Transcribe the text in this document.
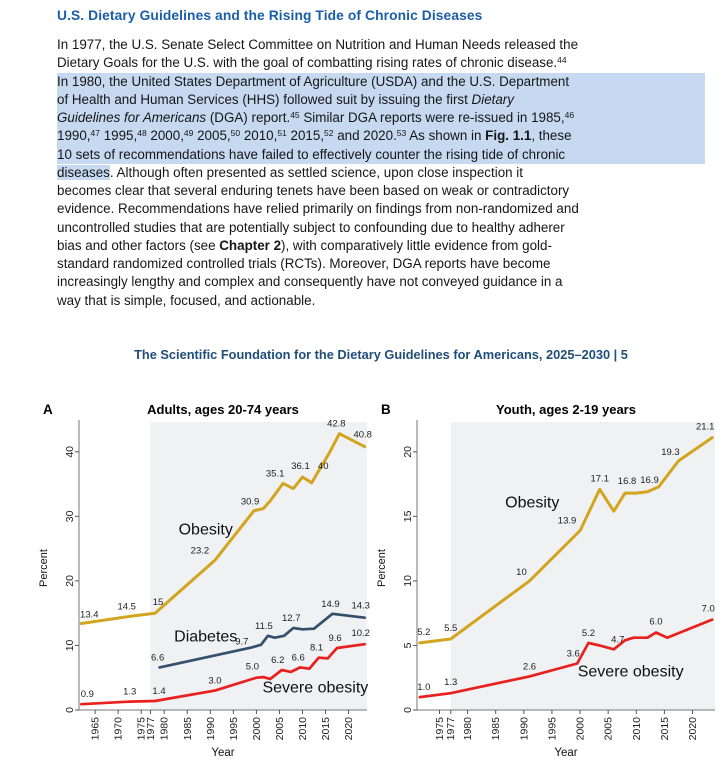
U.S. Dietary Guidelines and the Rising Tide of Chronic Diseases
In 1977, the U.S. Senate Select Committee on Nutrition and Human Needs released the
Dietary Goals for the U.S. with the goal of combatting rising rates of chronic disease.$^{44}$
In 1980, the United States Department of Agriculture (USDA) and the U.S. Department
of Health and Human Services (HHS) followed suit by issuing the first Dietary
Guidelines for Americans (DGA) report.$^{45}$ Similar DGA reports were re-issued in 1985,46
1990,47 1995,48 2000,49 2005,50 2010,51 2015,52 and 2020.53 As shown in Fig. 1.1, these
10 sets of recommendations have failed to effectively counter the rising tide of chronic
diseases. Although often presented as settled science, upon close inspection it
becomes clear that several enduring tenets have been based on weak or contradictory
evidence. Recommendations have relied primarily on findings from non-randomized and
uncontrolled studies that are potentially subject to confounding due to healthy adherer
bias and other factors (see Chapter 2), with comparatively little evidence from gold-
standard randomized controlled trials (RCTs). Moreover, DGA reports have become
increasingly lengthy and complex and consequently have not conveyed guidance in a
way that is simple, focused, and actionable.
The Scientific Foundation for the Dietary Guidelines for Americans, 2025–2030 | 5
0
10
20
30
40
1965 1970 1975
1977 1980 1985 1990 1995 2000 2005 2010 2015 2020
Percent
Year
A	Adults, ages 20-74 years
13.4
14.5 15
23.2
30.9
35.1
36.1 40
42.8
40.8
Obesity
6.6
9.7
11.5
12.7
14.9 14.3
Diabetes
0.9	1.3 1.4
3.0
5.0
6.2 6.6
8.1
9.6 10.2
Severe obesity
0
5
10
15
20
1975 1977 1980 1985 1990 1995 2000 2005 2010 2015 2020
Percent
Year
B	Youth, ages 2-19 years
5.2 5.5
10
13.9
17.1 16.8 16.9
19.3
21.1
Obesity
1.0 1.3
2.6
3.6
5.2
4.7
6.0
7.0
Severe obesity
